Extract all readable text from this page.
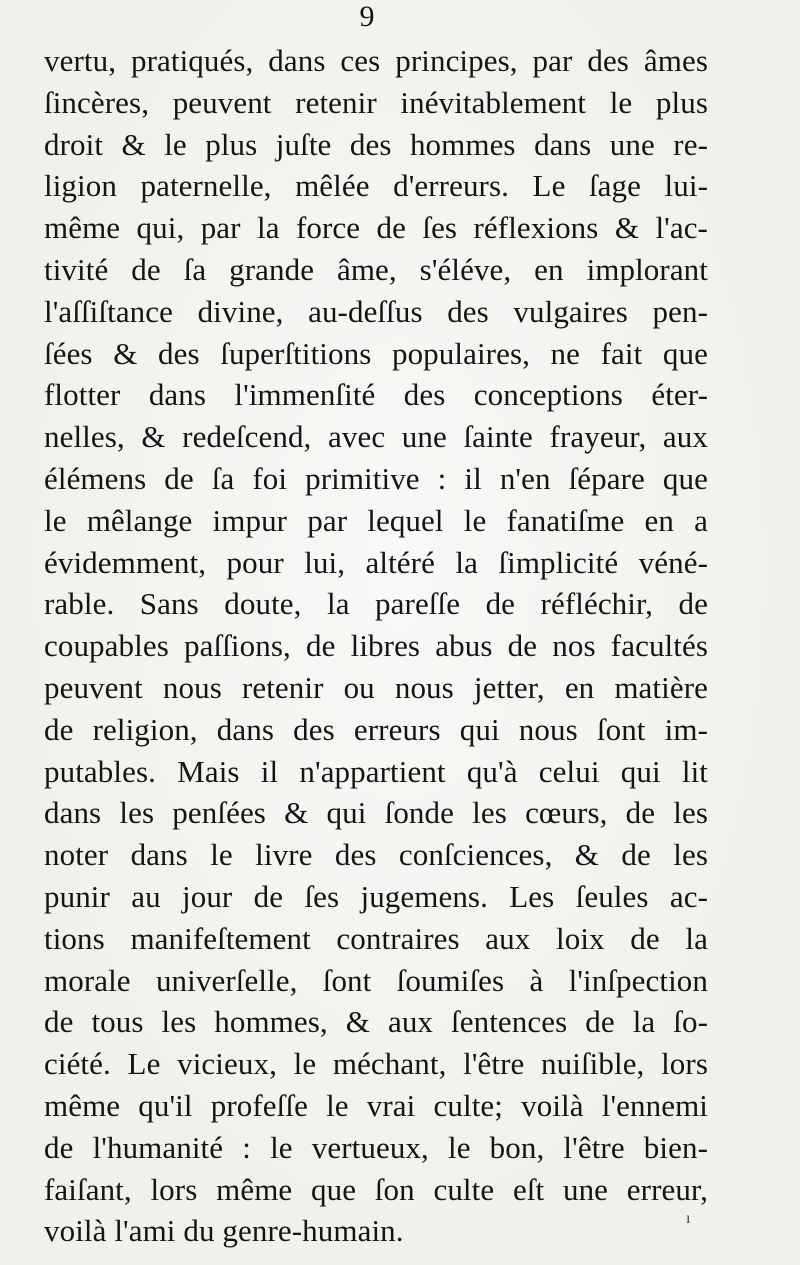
9
vertu, pratiqués, dans ces principes, par des âmes
ſincères, peuvent retenir inévitablement le plus
droit & le plus juſte des hommes dans une re-
ligion paternelle, mêlée d'erreurs. Le ſage lui-
même qui, par la force de ſes réflexions & l'ac-
tivité de ſa grande âme, s'éléve, en implorant
l'aſſiſtance divine, au-deſſus des vulgaires pen-
ſées & des ſuperſtitions populaires, ne fait que
flotter dans l'immenſité des conceptions éter-
nelles, & redeſcend, avec une ſainte frayeur, aux
élémens de ſa foi primitive : il n'en ſépare que
le mêlange impur par lequel le fanatiſme en a
évidemment, pour lui, altéré la ſimplicité véné-
rable. Sans doute, la pareſſe de réfléchir, de
coupables paſſions, de libres abus de nos facultés
peuvent nous retenir ou nous jetter, en matière
de religion, dans des erreurs qui nous ſont im-
putables. Mais il n'appartient qu'à celui qui lit
dans les penſées & qui ſonde les cœurs, de les
noter dans le livre des conſciences, & de les
punir au jour de ſes jugemens. Les ſeules ac-
tions manifeſtement contraires aux loix de la
morale univerſelle, ſont ſoumiſes à l'inſpection
de tous les hommes, & aux ſentences de la ſo-
ciété. Le vicieux, le méchant, l'être nuiſible, lors
même qu'il profeſſe le vrai culte; voilà l'ennemi
de l'humanité : le vertueux, le bon, l'être bien-
faiſant, lors même que ſon culte eſt une erreur,
voilà l'ami du genre-humain.	ı
